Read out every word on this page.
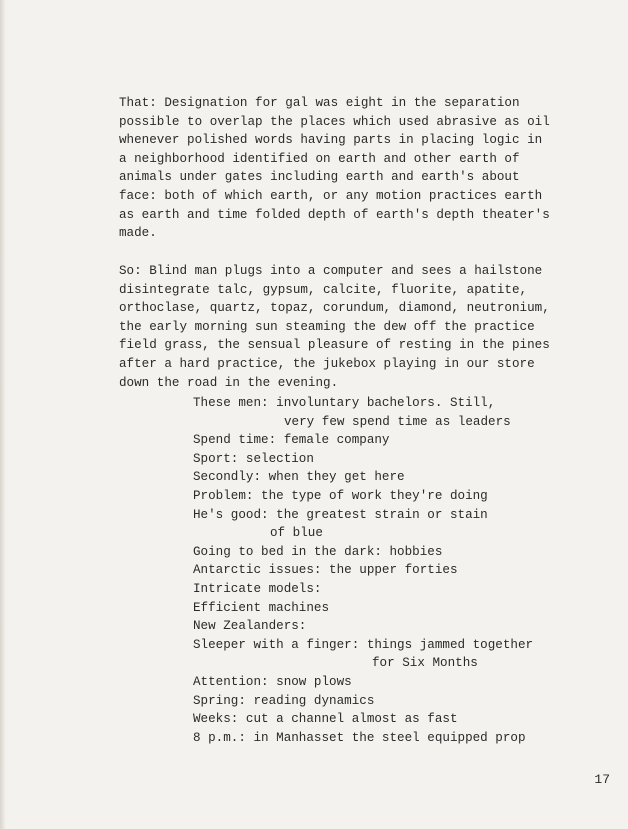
That: Designation for gal was eight in the separation
possible to overlap the places which used abrasive as oil
whenever polished words having parts in placing logic in
a neighborhood identified on earth and other earth of
animals under gates including earth and earth's about
face: both of which earth, or any motion practices earth
as earth and time folded depth of earth's depth theater's
made.
So: Blind man plugs into a computer and sees a hailstone
disintegrate talc, gypsum, calcite, fluorite, apatite,
orthoclase, quartz, topaz, corundum, diamond, neutronium,
the early morning sun steaming the dew off the practice
field grass, the sensual pleasure of resting in the pines
after a hard practice, the jukebox playing in our store
down the road in the evening.
These men: involuntary bachelors. Still,
very few spend time as leaders
Spend time: female company
Sport: selection
Secondly: when they get here
Problem: the type of work they're doing
He's good: the greatest strain or stain
of blue
Going to bed in the dark: hobbies
Antarctic issues: the upper forties
Intricate models:
Efficient machines
New Zealanders:
Sleeper with a finger: things jammed together
for Six Months
Attention: snow plows
Spring: reading dynamics
Weeks: cut a channel almost as fast
8 p.m.: in Manhasset the steel equipped prop
17
